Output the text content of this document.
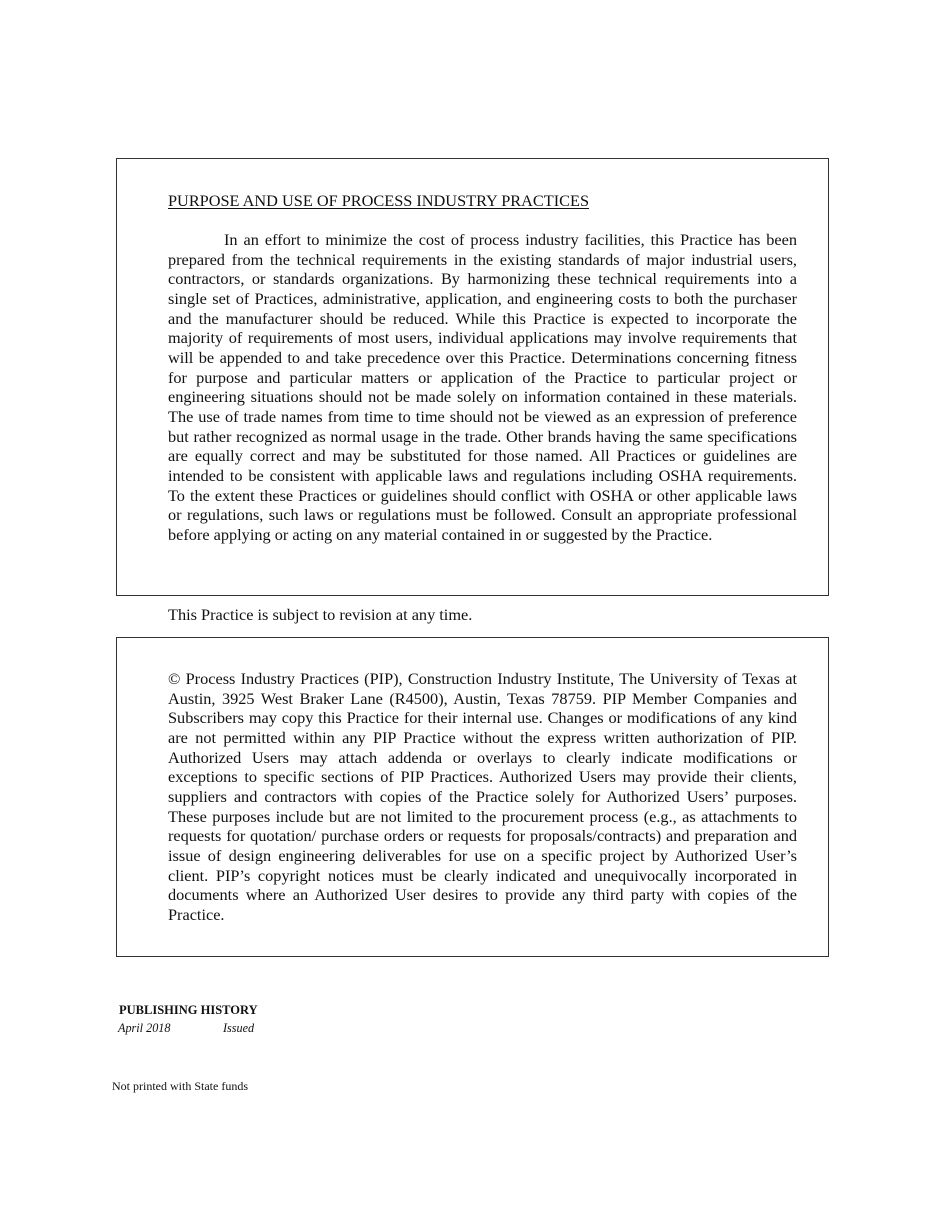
PURPOSE AND USE OF PROCESS INDUSTRY PRACTICES

In an effort to minimize the cost of process industry facilities, this Practice has been prepared from the technical requirements in the existing standards of major industrial users, contractors, or standards organizations. By harmonizing these technical requirements into a single set of Practices, administrative, application, and engineering costs to both the purchaser and the manufacturer should be reduced. While this Practice is expected to incorporate the majority of requirements of most users, individual applications may involve requirements that will be appended to and take precedence over this Practice. Determinations concerning fitness for purpose and particular matters or application of the Practice to particular project or engineering situations should not be made solely on information contained in these materials. The use of trade names from time to time should not be viewed as an expression of preference but rather recognized as normal usage in the trade. Other brands having the same specifications are equally correct and may be substituted for those named. All Practices or guidelines are intended to be consistent with applicable laws and regulations including OSHA requirements. To the extent these Practices or guidelines should conflict with OSHA or other applicable laws or regulations, such laws or regulations must be followed. Consult an appropriate professional before applying or acting on any material contained in or suggested by the Practice.

This Practice is subject to revision at any time.

© Process Industry Practices (PIP), Construction Industry Institute, The University of Texas at Austin, 3925 West Braker Lane (R4500), Austin, Texas 78759. PIP Member Companies and Subscribers may copy this Practice for their internal use. Changes or modifications of any kind are not permitted within any PIP Practice without the express written authorization of PIP. Authorized Users may attach addenda or overlays to clearly indicate modifications or exceptions to specific sections of PIP Practices. Authorized Users may provide their clients, suppliers and contractors with copies of the Practice solely for Authorized Users’ purposes. These purposes include but are not limited to the procurement process (e.g., as attachments to requests for quotation/ purchase orders or requests for proposals/contracts) and preparation and issue of design engineering deliverables for use on a specific project by Authorized User’s client. PIP’s copyright notices must be clearly indicated and unequivocally incorporated in documents where an Authorized User desires to provide any third party with copies of the Practice.

PUBLISHING HISTORY
April 2018	Issued
Not printed with State funds
